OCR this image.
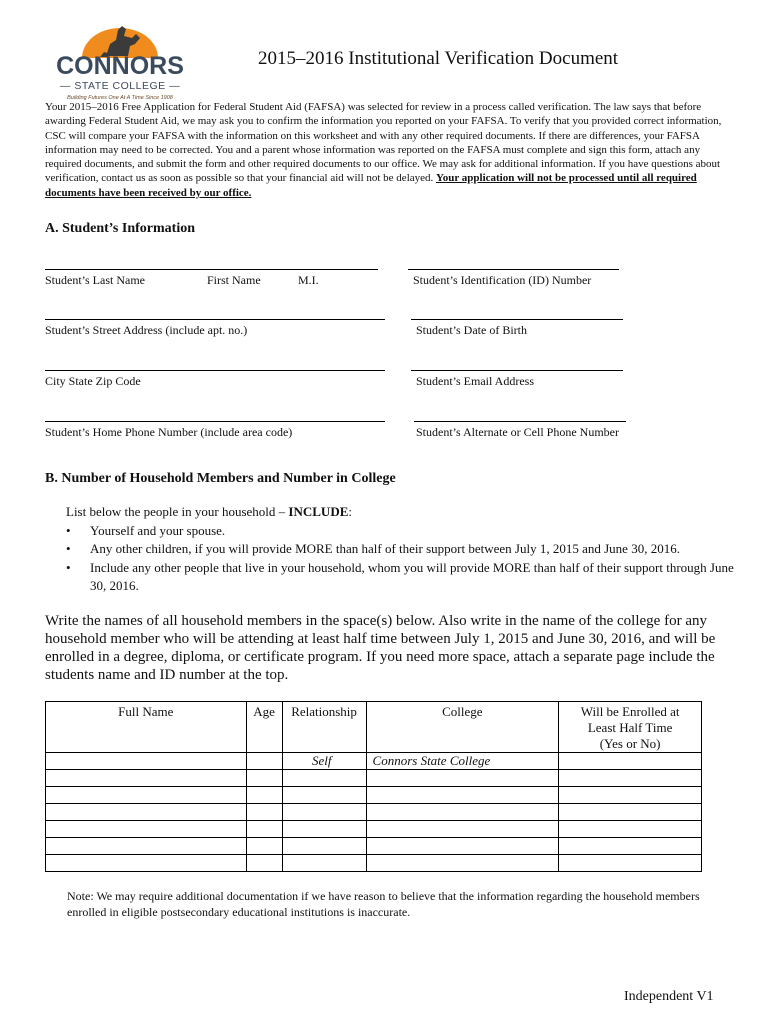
CONNORS
— STATE COLLEGE —
Building Futures One At A Time Since 1908
2015–2016 Institutional Verification Document
Your 2015–2016 Free Application for Federal Student Aid (FAFSA) was selected for review in a process called verification. The law says that before awarding Federal Student Aid, we may ask you to confirm the information you reported on your FAFSA. To verify that you provided correct information, CSC will compare your FAFSA with the information on this worksheet and with any other required documents. If there are differences, your FAFSA information may need to be corrected. You and a parent whose information was reported on the FAFSA must complete and sign this form, attach any required documents, and submit the form and other required documents to our office. We may ask for additional information. If you have questions about verification, contact us as soon as possible so that your financial aid will not be delayed. Your application will not be processed until all required documents have been received by our office.
A. Student’s Information
Student’s Last Name	First Name	M.I.	Student’s Identification (ID) Number
Student’s Street Address (include apt. no.)	Student’s Date of Birth
City State Zip Code	Student’s Email Address
Student’s Home Phone Number (include area code)	Student’s Alternate or Cell Phone Number
B. Number of Household Members and Number in College
List below the people in your household – INCLUDE:
• Yourself and your spouse.
• Any other children, if you will provide MORE than half of their support between July 1, 2015 and June 30, 2016.
• Include any other people that live in your household, whom you will provide MORE than half of their support through June 30, 2016.
Write the names of all household members in the space(s) below. Also write in the name of the college for any household member who will be attending at least half time between July 1, 2015 and June 30, 2016, and will be enrolled in a degree, diploma, or certificate program. If you need more space, attach a separate page include the students name and ID number at the top.
Full Name	Age	Relationship	College	Will be Enrolled at
Least Half Time
(Yes or No)

		Self	Connors State College	

Note: We may require additional documentation if we have reason to believe that the information regarding the household members enrolled in eligible postsecondary educational institutions is inaccurate.
Independent V1
